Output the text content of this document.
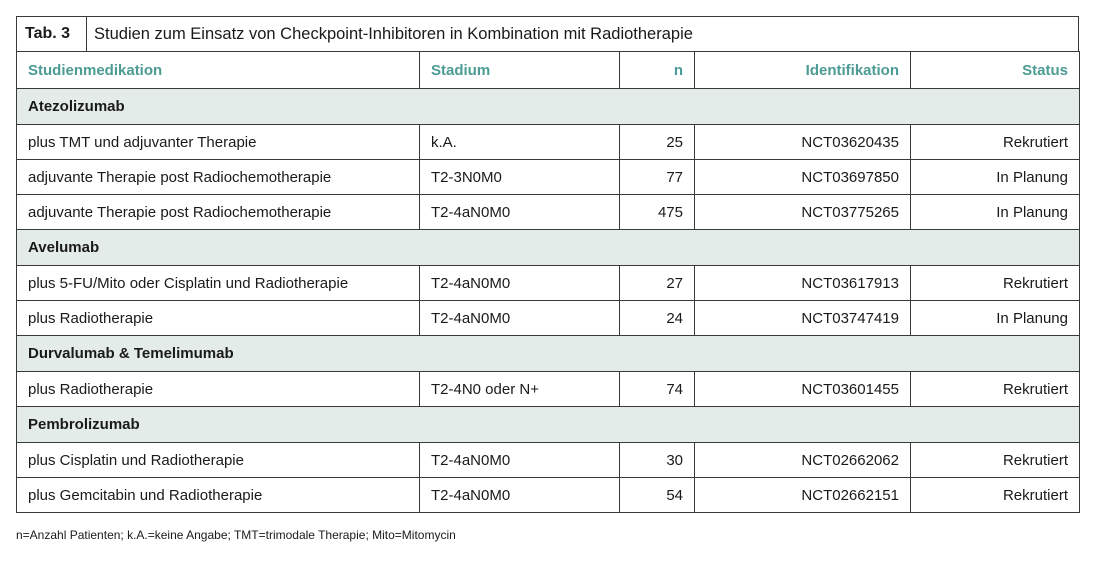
Tab. 3	Studien zum Einsatz von Checkpoint-Inhibitoren in Kombination mit Radiotherapie
Studienmedikation	Stadium	n	Identifikation	Status
Atezolizumab				
plus TMT und adjuvanter Therapie	k.A.	25	NCT03620435	Rekrutiert
adjuvante Therapie post Radiochemotherapie	T2-3N0M0	77	NCT03697850	In Planung
adjuvante Therapie post Radiochemotherapie	T2-4aN0M0	475	NCT03775265	In Planung
Avelumab				
plus 5-FU/Mito oder Cisplatin und Radiotherapie	T2-4aN0M0	27	NCT03617913	Rekrutiert
plus Radiotherapie	T2-4aN0M0	24	NCT03747419	In Planung
Durvalumab & Temelimumab				
plus Radiotherapie	T2-4N0 oder N+	74	NCT03601455	Rekrutiert
Pembrolizumab				
plus Cisplatin und Radiotherapie	T2-4aN0M0	30	NCT02662062	Rekrutiert
plus Gemcitabin und Radiotherapie	T2-4aN0M0	54	NCT02662151	Rekrutiert
n=Anzahl Patienten; k.A.=keine Angabe; TMT=trimodale Therapie; Mito=Mitomycin
